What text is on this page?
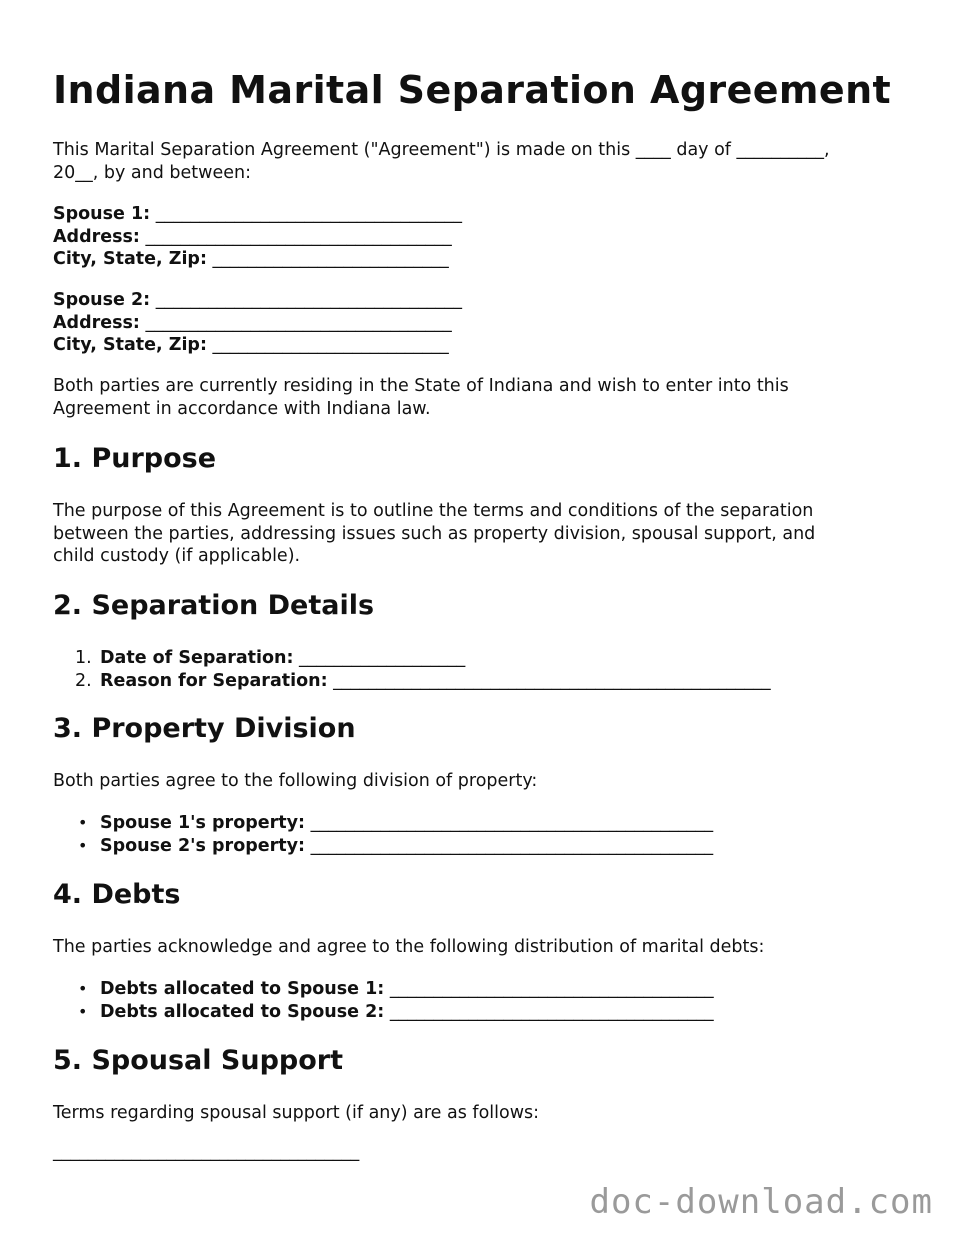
Indiana Marital Separation Agreement

This Marital Separation Agreement ("Agreement") is made on this ____ day of __________,
20__, by and between:

Spouse 1: ___________________________________
Address: ___________________________________
City, State, Zip: ___________________________
Spouse 2: ___________________________________
Address: ___________________________________
City, State, Zip: ___________________________

Both parties are currently residing in the State of Indiana and wish to enter into this
Agreement in accordance with Indiana law.

1. Purpose

The purpose of this Agreement is to outline the terms and conditions of the separation
between the parties, addressing issues such as property division, spousal support, and
child custody (if applicable).

2. Separation Details
1. Date of Separation: ___________________
2. Reason for Separation: __________________________________________________
3. Property Division

Both parties agree to the following division of property:

• Spouse 1's property: ______________________________________________
• Spouse 2's property: ______________________________________________
4. Debts

The parties acknowledge and agree to the following distribution of marital debts:

• Debts allocated to Spouse 1: _____________________________________
• Debts allocated to Spouse 2: _____________________________________
5. Spousal Support

Terms regarding spousal support (if any) are as follows:

___________________________________
doc-download.com
